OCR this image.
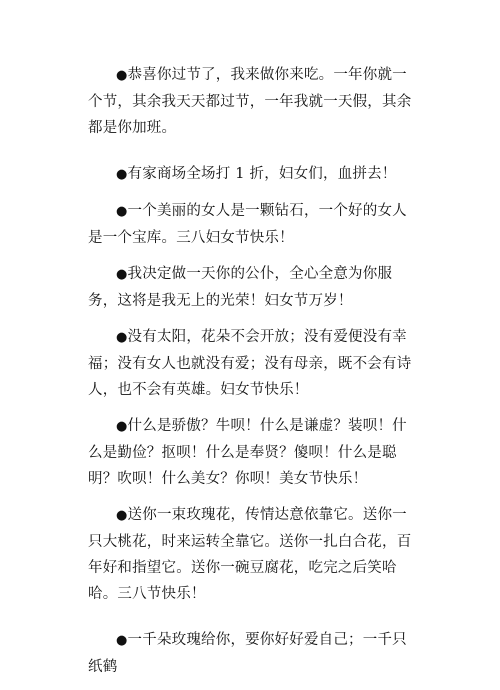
●恭喜你过节了，我来做你来吃。一年你就一个节，其余我天天都过节，一年我就一天假，其余都是你加班。

●有家商场全场打 1 折，妇女们，血拼去！

●一个美丽的女人是一颗钻石，一个好的女人是一个宝库。三八妇女节快乐！

●我决定做一天你的公仆，全心全意为你服务，这将是我无上的光荣！妇女节万岁！

●没有太阳，花朵不会开放；没有爱便没有幸福；没有女人也就没有爱；没有母亲，既不会有诗人，也不会有英雄。妇女节快乐！

●什么是骄傲？牛呗！什么是谦虚？装呗！什么是勤俭？抠呗！什么是奉贤？傻呗！什么是聪明？吹呗！什么美女？你呗！美女节快乐！

●送你一束玫瑰花，传情达意依靠它。送你一只大桃花，时来运转全靠它。送你一扎白合花，百年好和指望它。送你一碗豆腐花，吃完之后笑哈哈。三八节快乐！

●一千朵玫瑰给你，要你好好爱自己；一千只纸鹤
